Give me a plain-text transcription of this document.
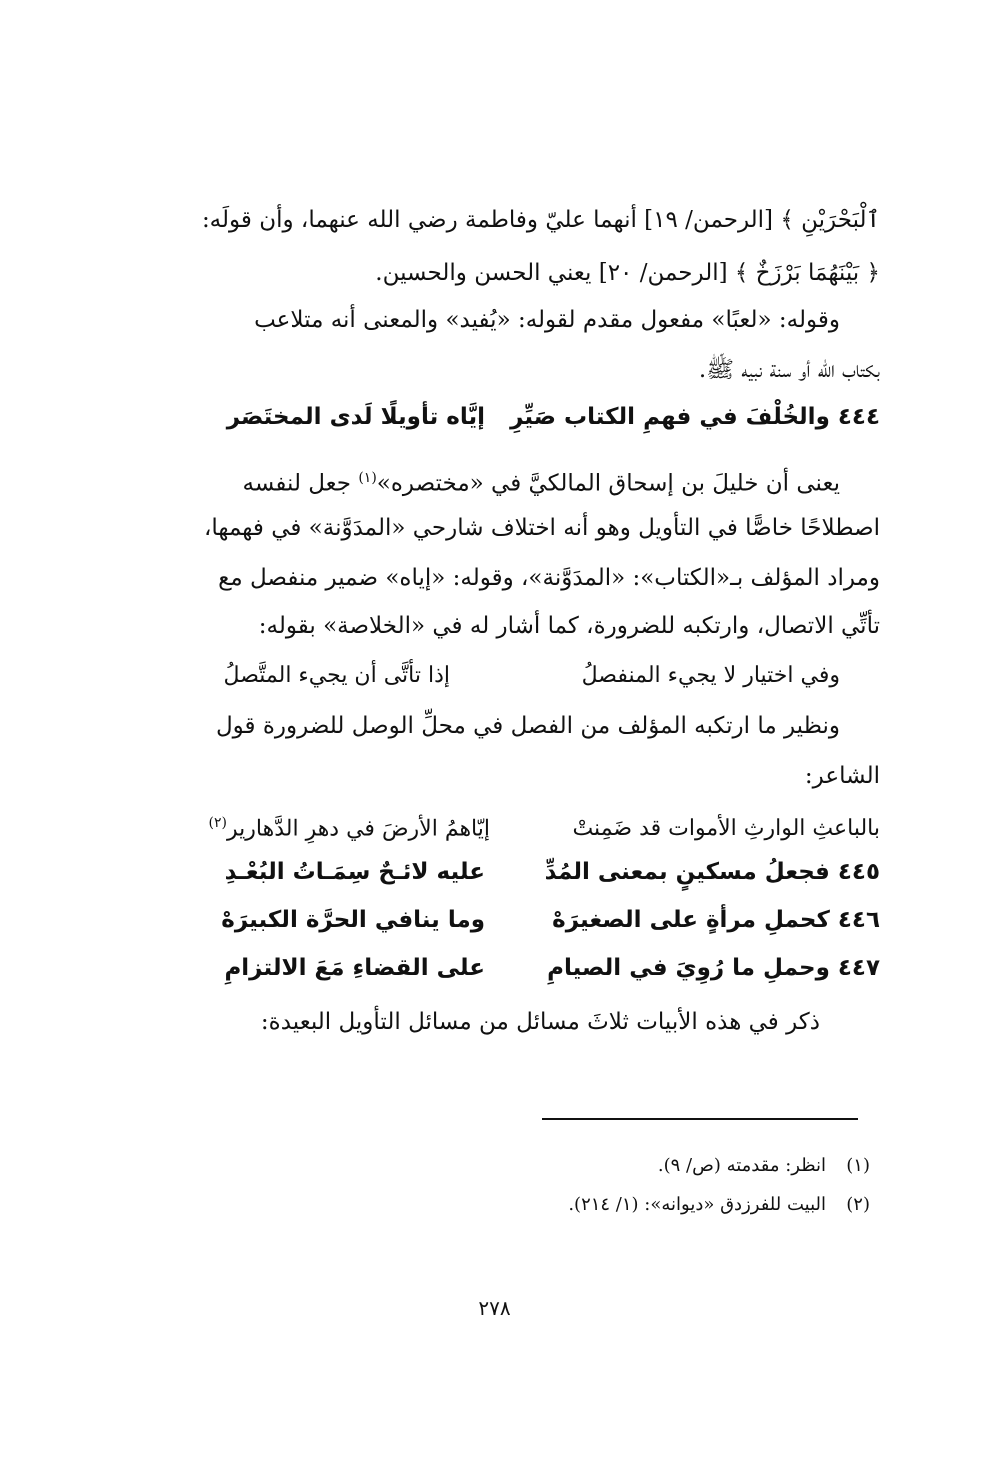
ٱلْبَحْرَيْنِ ﴾ [الرحمن/ ١٩] أنهما عليّ وفاطمة رضي الله عنهما، وأن قولَه:
﴿ بَيْنَهُمَا بَرْزَخٌ ﴾ [الرحمن/ ٢٠] يعني الحسن والحسين.
وقوله: «لعبًا» مفعول مقدم لقوله: «يُفيد» والمعنى أنه متلاعب
بكتاب الله أو سنة نبيه ﷺ.
٤٤٤ والخُلْفَ في فهمِ الكتاب صَيِّرِإيَّاه تأويلًا لَدى المختَصَر
يعنى أن خليلَ بن إسحاق المالكيَّ في «مختصره»$^{(١)}$ جعل لنفسه
اصطلاحًا خاصًّا في التأويل وهو أنه اختلاف شارحي «المدَوَّنة» في فهمها،
ومراد المؤلف بـ«الكتاب»: «المدَوَّنة»، وقوله: «إياه» ضمير منفصل مع
تأتِّي الاتصال، وارتكبه للضرورة، كما أشار له في «الخلاصة» بقوله:
وفي اختيار لا يجيء المنفصلُإذا تأتَّى أن يجيء المتَّصلُ
ونظير ما ارتكبه المؤلف من الفصل في محلِّ الوصل للضرورة قول
الشاعر:
بالباعثِ الوارثِ الأموات قد ضَمِنتْإيّاهمُ الأرضَ في دهرِ الدَّهارير$^{(٢)}$
٤٤٥ فجعلُ مسكينٍ بمعنى المُدِّعليه لائـحٌ سِمَـاتُ البُعْـدِ
٤٤٦ كحملِ مرأةٍ على الصغيرَهْوما ينافي الحرَّة الكبيرَهْ
٤٤٧ وحملِ ما رُوِيَ في الصيامِعلى القضاءِ مَعَ الالتزامِ
ذكر في هذه الأبيات ثلاثَ مسائل من مسائل التأويل البعيدة:
(١)انظر: مقدمته (ص/ ٩).
(٢)البيت للفرزدق «ديوانه»: (١/ ٢١٤).
٢٧٨
